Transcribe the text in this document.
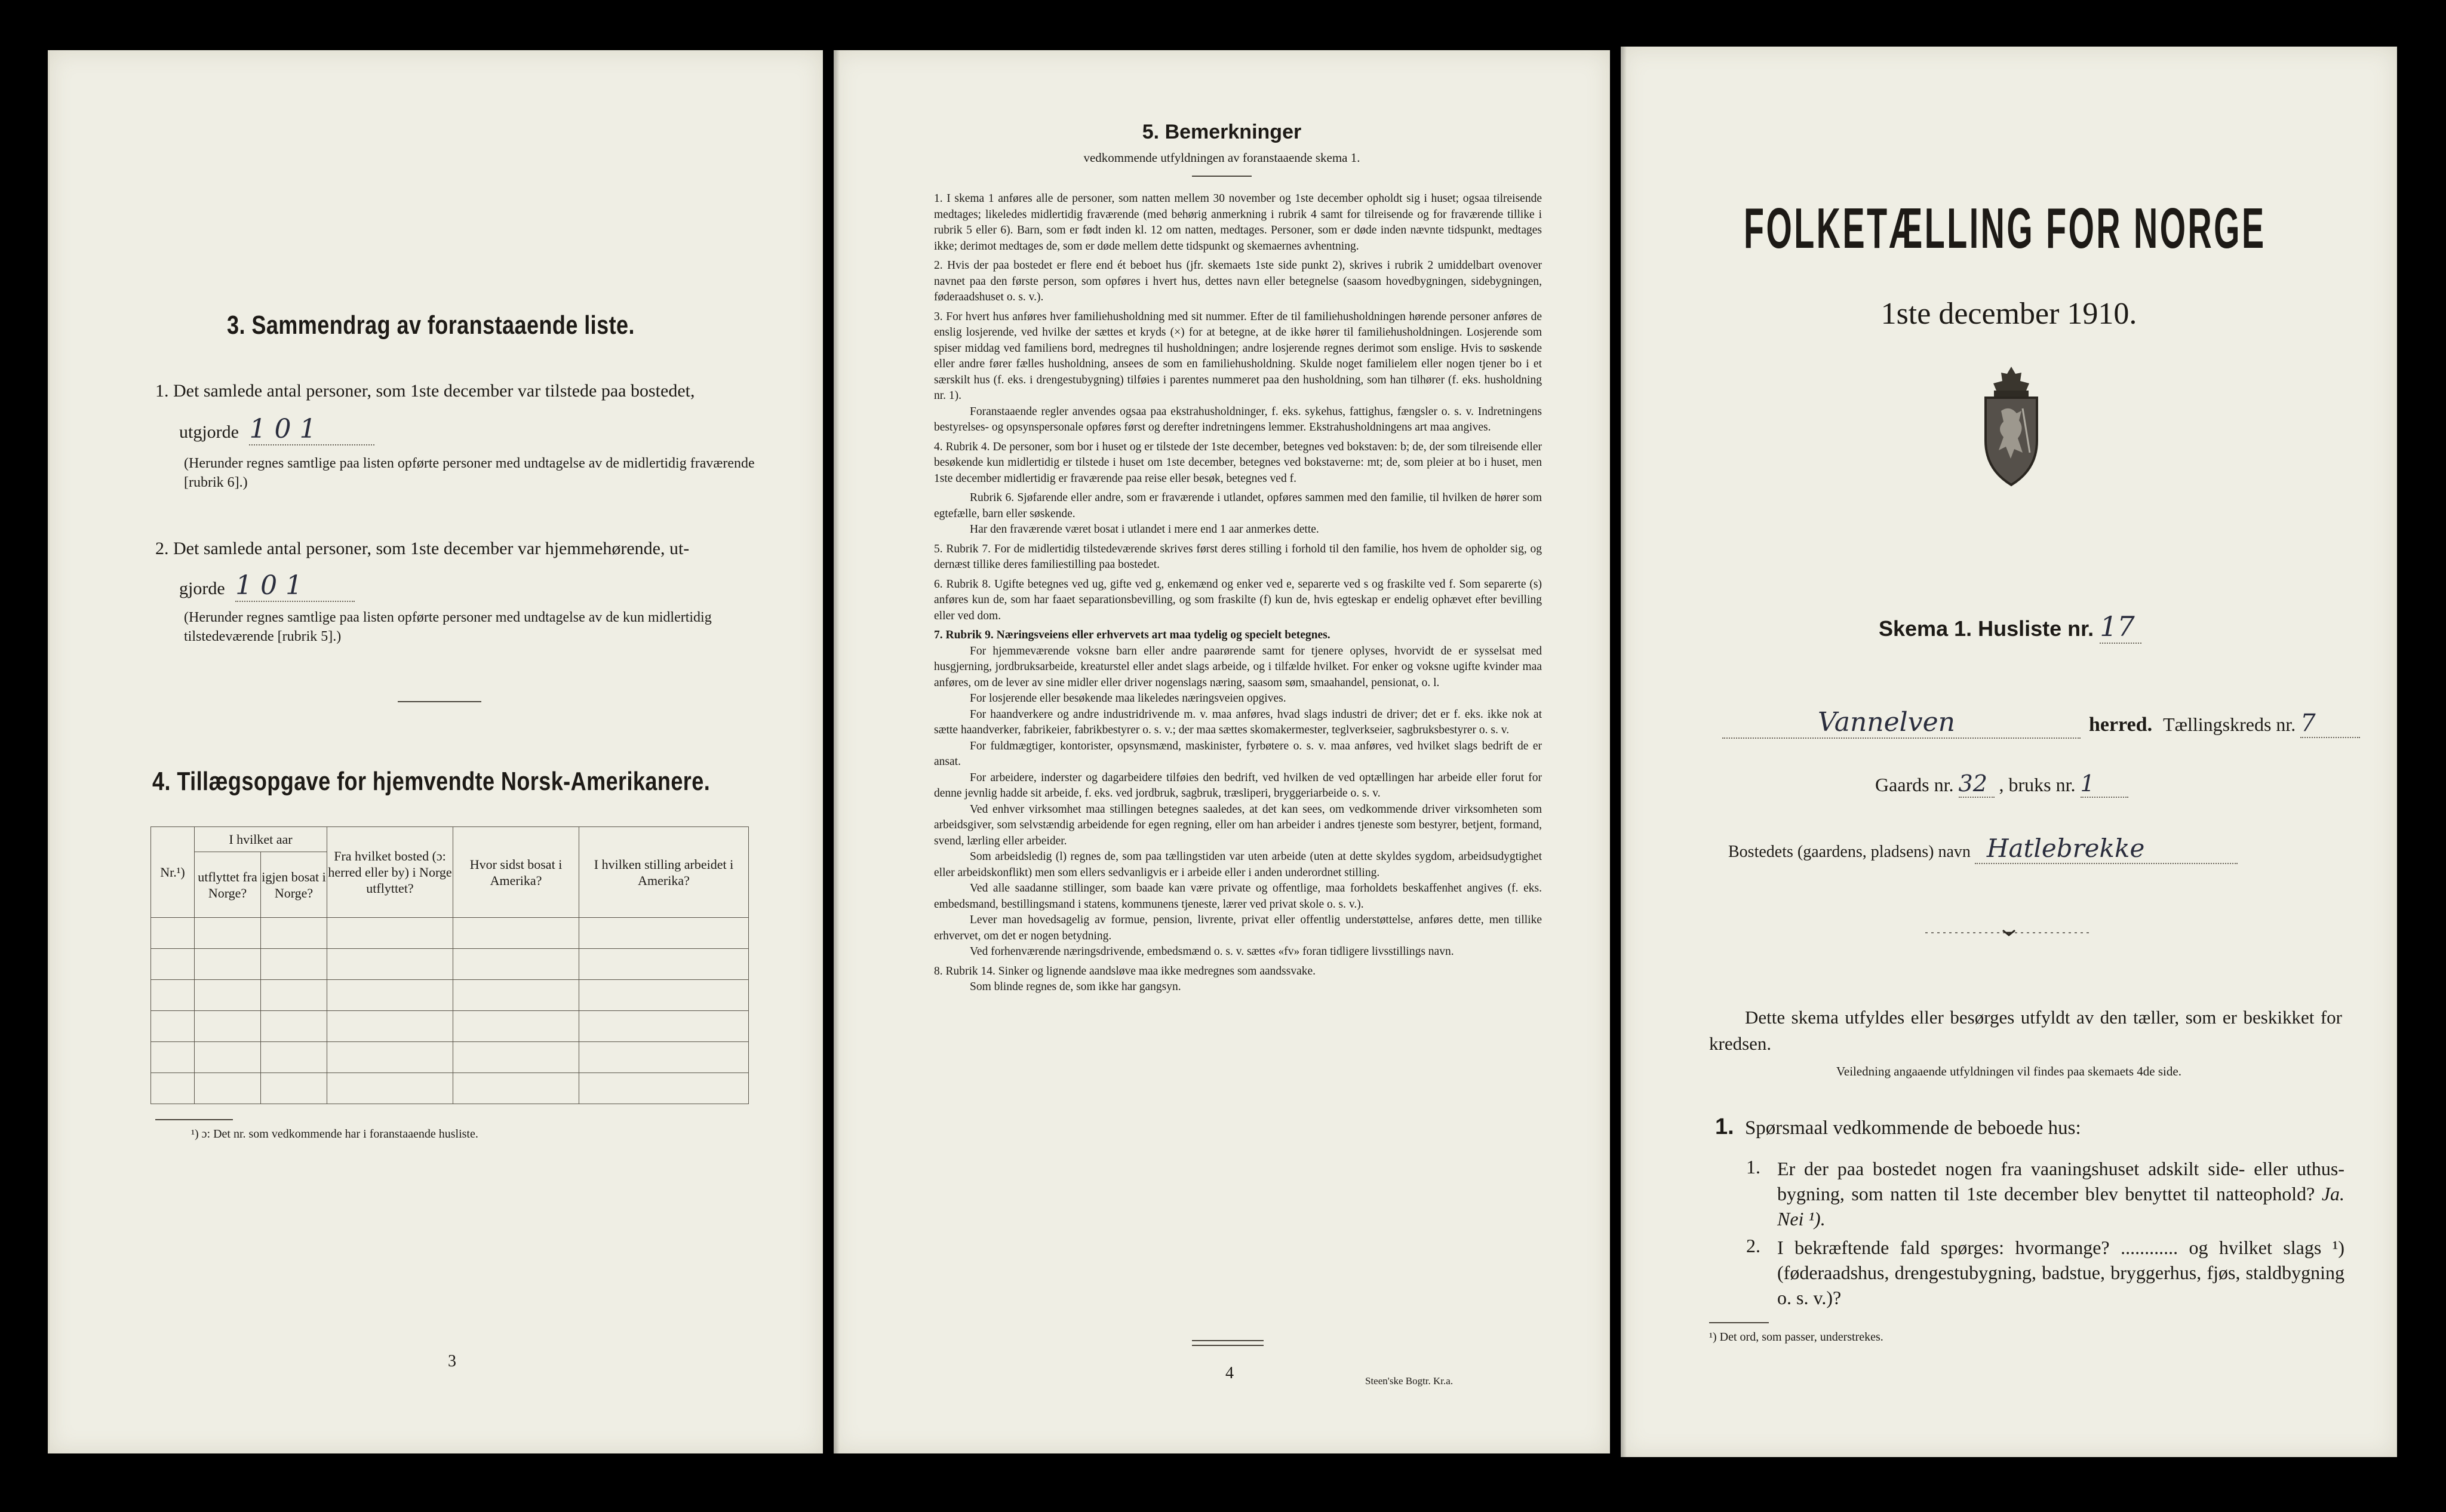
3. Sammendrag av foranstaaende liste.
1. Det samlede antal personer, som 1ste december var tilstede paa bostedet,
utgjorde 1 0 1
(Herunder regnes samtlige paa listen opførte personer med undtagelse av de midlertidig fraværende [rubrik 6].)
2. Det samlede antal personer, som 1ste december var hjemmehørende, ut-
gjorde 1 0 1
(Herunder regnes samtlige paa listen opførte personer med undtagelse av de kun midlertidig tilstedeværende [rubrik 5].)
4. Tillægsopgave for hjemvendte Norsk-Amerikanere.
Nr.¹)	I hvilket aar		Fra hvilket bosted (ɔ: herred eller by) i Norge utflyttet?	Hvor sidst bosat i Amerika?	I hvilken stilling arbeidet i Amerika?
	utflyttet fra Norge?	igjen bosat i Norge?			

¹) ɔ: Det nr. som vedkommende har i foranstaaende husliste.
3
5. Bemerkninger
vedkommende utfyldningen av foranstaaende skema 1.

1. I skema 1 anføres alle de personer, som natten mellem 30 november og 1ste december opholdt sig i huset; ogsaa tilreisende medtages; likeledes midlertidig fraværende (med behørig anmerkning i rubrik 4 samt for tilreisende og for fraværende tillike i rubrik 5 eller 6). Barn, som er født inden kl. 12 om natten, medtages. Personer, som er døde inden nævnte tidspunkt, medtages ikke; derimot medtages de, som er døde mellem dette tidspunkt og skemaernes avhentning.

2. Hvis der paa bostedet er flere end ét beboet hus (jfr. skemaets 1ste side punkt 2), skrives i rubrik 2 umiddelbart ovenover navnet paa den første person, som opføres i hvert hus, dettes navn eller betegnelse (saasom hovedbygningen, sidebygningen, føderaadshuset o. s. v.).

3. For hvert hus anføres hver familiehusholdning med sit nummer. Efter de til familiehusholdningen hørende personer anføres de enslig losjerende, ved hvilke der sættes et kryds (×) for at betegne, at de ikke hører til familiehusholdningen. Losjerende som spiser middag ved familiens bord, medregnes til husholdningen; andre losjerende regnes derimot som enslige. Hvis to søskende eller andre fører fælles husholdning, ansees de som en familiehusholdning. Skulde noget familielem eller nogen tjener bo i et særskilt hus (f. eks. i drengestubygning) tilføies i parentes nummeret paa den husholdning, som han tilhører (f. eks. husholdning nr. 1).

Foranstaaende regler anvendes ogsaa paa ekstrahusholdninger, f. eks. sykehus, fattighus, fængsler o. s. v. Indretningens bestyrelses- og opsynspersonale opføres først og derefter indretningens lemmer. Ekstrahusholdningens art maa angives.

4. Rubrik 4. De personer, som bor i huset og er tilstede der 1ste december, betegnes ved bokstaven: b; de, der som tilreisende eller besøkende kun midlertidig er tilstede i huset om 1ste december, betegnes ved bokstaverne: mt; de, som pleier at bo i huset, men 1ste december midlertidig er fraværende paa reise eller besøk, betegnes ved f.

Rubrik 6. Sjøfarende eller andre, som er fraværende i utlandet, opføres sammen med den familie, til hvilken de hører som egtefælle, barn eller søskende.

Har den fraværende været bosat i utlandet i mere end 1 aar anmerkes dette.

5. Rubrik 7. For de midlertidig tilstedeværende skrives først deres stilling i forhold til den familie, hos hvem de opholder sig, og dernæst tillike deres familiestilling paa bostedet.

6. Rubrik 8. Ugifte betegnes ved ug, gifte ved g, enkemænd og enker ved e, separerte ved s og fraskilte ved f. Som separerte (s) anføres kun de, som har faaet separationsbevilling, og som fraskilte (f) kun de, hvis egteskap er endelig ophævet efter bevilling eller ved dom.

7. Rubrik 9. Næringsveiens eller erhvervets art maa tydelig og specielt betegnes.

For hjemmeværende voksne barn eller andre paarørende samt for tjenere oplyses, hvorvidt de er sysselsat med husgjerning, jordbruksarbeide, kreaturstel eller andet slags arbeide, og i tilfælde hvilket. For enker og voksne ugifte kvinder maa anføres, om de lever av sine midler eller driver nogenslags næring, saasom søm, smaahandel, pensionat, o. l.

For losjerende eller besøkende maa likeledes næringsveien opgives.

For haandverkere og andre industridrivende m. v. maa anføres, hvad slags industri de driver; det er f. eks. ikke nok at sætte haandverker, fabrikeier, fabrikbestyrer o. s. v.; der maa sættes skomakermester, teglverkseier, sagbruksbestyrer o. s. v.

For fuldmægtiger, kontorister, opsynsmænd, maskinister, fyrbøtere o. s. v. maa anføres, ved hvilket slags bedrift de er ansat.

For arbeidere, inderster og dagarbeidere tilføies den bedrift, ved hvilken de ved optællingen har arbeide eller forut for denne jevnlig hadde sit arbeide, f. eks. ved jordbruk, sagbruk, træsliperi, bryggeriarbeide o. s. v.

Ved enhver virksomhet maa stillingen betegnes saaledes, at det kan sees, om vedkommende driver virksomheten som arbeidsgiver, som selvstændig arbeidende for egen regning, eller om han arbeider i andres tjeneste som bestyrer, betjent, formand, svend, lærling eller arbeider.

Som arbeidsledig (l) regnes de, som paa tællingstiden var uten arbeide (uten at dette skyldes sygdom, arbeidsudygtighet eller arbeidskonflikt) men som ellers sedvanligvis er i arbeide eller i anden underordnet stilling.

Ved alle saadanne stillinger, som baade kan være private og offentlige, maa forholdets beskaffenhet angives (f. eks. embedsmand, bestillingsmand i statens, kommunens tjeneste, lærer ved privat skole o. s. v.).

Lever man hovedsagelig av formue, pension, livrente, privat eller offentlig understøttelse, anføres dette, men tillike erhvervet, om det er nogen betydning.

Ved forhenværende næringsdrivende, embedsmænd o. s. v. sættes «fv» foran tidligere livsstillings navn.

8. Rubrik 14. Sinker og lignende aandsløve maa ikke medregnes som aandssvake.

Som blinde regnes de, som ikke har gangsyn.

4	Steen'ske Bogtr. Kr.a.
FOLKETÆLLING FOR NORGE
1ste december 1910.
Skema 1. Husliste nr. 17
Vannelven	herred. Tællingskreds nr. 7
Gaards nr. 32 , bruks nr. 1
Bostedets (gaardens, pladsens) navn Hatlebrekke
Dette skema utfyldes eller besørges utfyldt av den tæller, som er beskikket for kredsen.
Veiledning angaaende utfyldningen vil findes paa skemaets 4de side.
1. Spørsmaal vedkommende de beboede hus:
1. Er der paa bostedet nogen fra vaaningshuset adskilt side- eller uthus-bygning, som natten til 1ste december blev benyttet til natteophold? Ja. Nei ¹).
2. I bekræftende fald spørges: hvormange? ............ og hvilket slags ¹) (føderaadshus, drengestubygning, badstue, bryggerhus, fjøs, staldbygning o. s. v.)?
¹) Det ord, som passer, understrekes.
